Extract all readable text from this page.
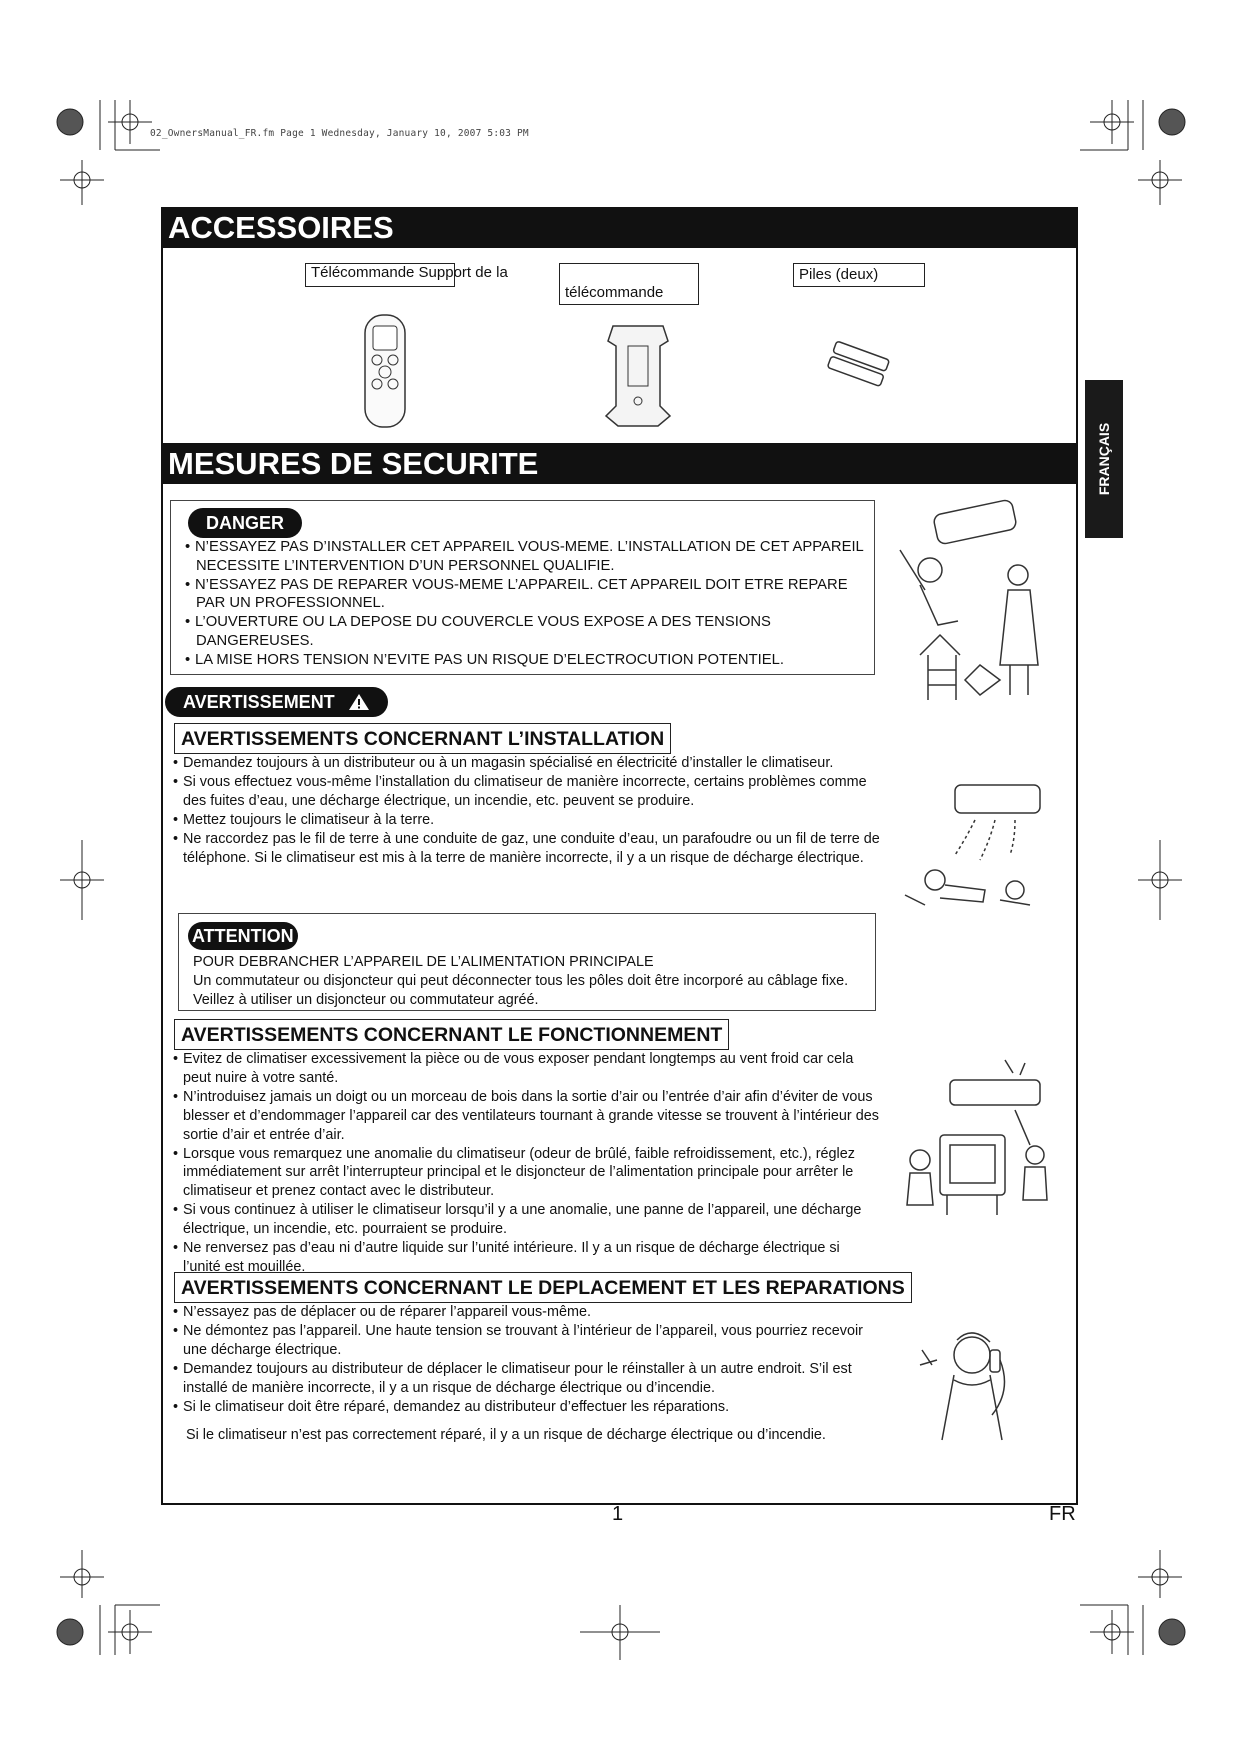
02_OwnersManual_FR.fm Page 1 Wednesday, January 10, 2007 5:03 PM
FRANÇAIS
ACCESSOIRES
Télécommande Support de la
télécommande
Piles (deux)
MESURES DE SECURITE
DANGER
• N’ESSAYEZ PAS D’INSTALLER CET APPAREIL VOUS-MEME. L’INSTALLATION DE CET APPAREIL NECESSITE L’INTERVENTION D’UN PERSONNEL QUALIFIE.
• N’ESSAYEZ PAS DE REPARER VOUS-MEME L’APPAREIL. CET APPAREIL DOIT ETRE REPARE PAR UN PROFESSIONNEL.
• L’OUVERTURE OU LA DEPOSE DU COUVERCLE VOUS EXPOSE A DES TENSIONS DANGEREUSES.
• LA MISE HORS TENSION N’EVITE PAS UN RISQUE D’ELECTROCUTION POTENTIEL.
AVERTISSEMENT
AVERTISSEMENTS CONCERNANT L’INSTALLATION
• Demandez toujours à un distributeur ou à un magasin spécialisé en électricité d’installer le climatiseur.
• Si vous effectuez vous-même l’installation du climatiseur de manière incorrecte, certains problèmes comme des fuites d’eau, une décharge électrique, un incendie, etc. peuvent se produire.
• Mettez toujours le climatiseur à la terre.
• Ne raccordez pas le fil de terre à une conduite de gaz, une conduite d’eau, un parafoudre ou un fil de terre de téléphone. Si le climatiseur est mis à la terre de manière incorrecte, il y a un risque de décharge électrique.
ATTENTION
POUR DEBRANCHER L’APPAREIL DE L’ALIMENTATION PRINCIPALE
Un commutateur ou disjoncteur qui peut déconnecter tous les pôles doit être incorporé au câblage fixe. Veillez à utiliser un disjoncteur ou commutateur agréé.
AVERTISSEMENTS CONCERNANT LE FONCTIONNEMENT
• Evitez de climatiser excessivement la pièce ou de vous exposer pendant longtemps au vent froid car cela peut nuire à votre santé.
• N’introduisez jamais un doigt ou un morceau de bois dans la sortie d’air ou l’entrée d’air afin d’éviter de vous blesser et d’endommager l’appareil car des ventilateurs tournant à grande vitesse se trouvent à l’intérieur des sortie d’air et entrée d’air.
• Lorsque vous remarquez une anomalie du climatiseur (odeur de brûlé, faible refroidissement, etc.), réglez immédiatement sur arrêt l’interrupteur principal et le disjoncteur de l’alimentation principale pour arrêter le climatiseur et prenez contact avec le distributeur.
• Si vous continuez à utiliser le climatiseur lorsqu’il y a une anomalie, une panne de l’appareil, une décharge électrique, un incendie, etc. pourraient se produire.
• Ne renversez pas d’eau ni d’autre liquide sur l’unité intérieure. Il y a un risque de décharge électrique si l’unité est mouillée.
AVERTISSEMENTS CONCERNANT LE DEPLACEMENT ET LES REPARATIONS
• N’essayez pas de déplacer ou de réparer l’appareil vous-même.
• Ne démontez pas l’appareil. Une haute tension se trouvant à l’intérieur de l’appareil, vous pourriez recevoir une décharge électrique.
• Demandez toujours au distributeur de déplacer le climatiseur pour le réinstaller à un autre endroit. S’il est installé de manière incorrecte, il y a un risque de décharge électrique ou d’incendie.
• Si le climatiseur doit être réparé, demandez au distributeur d’effectuer les réparations.
Si le climatiseur n’est pas correctement réparé, il y a un risque de décharge électrique ou d’incendie.
1	FR
